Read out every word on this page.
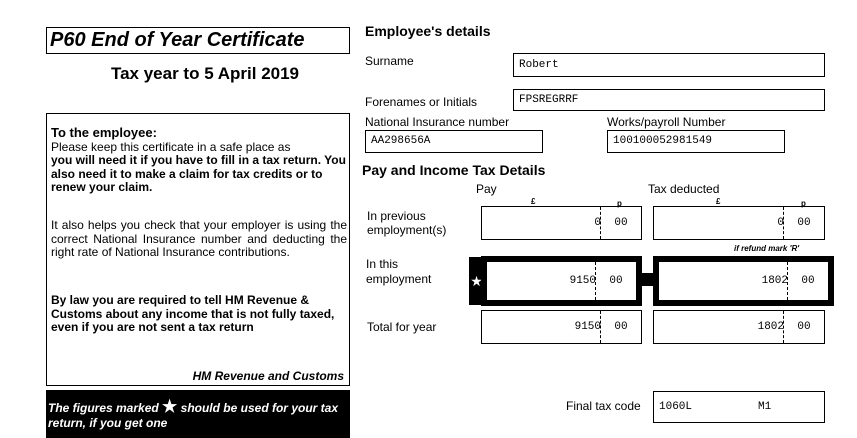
P60 End of Year Certificate
Tax year to 5 April 2019
To the employee:
Please keep this certificate in a safe place as
you will need it if you have to fill in a tax return. You also need it to make a claim for tax credits or to renew your claim.
It also helps you check that your employer is using the correct National Insurance number and deducting the right rate of National Insurance contributions.
By law you are required to tell HM Revenue & Customs about any income that is not fully taxed, even if you are not sent a tax return
HM Revenue and Customs
The figures marked ★ should be used for your tax return, if you get one
Employee's details
Surname	Robert
Forenames or Initials	FPSREGRRF
National Insurance number
AA298656A
Works/payroll Number
100100052981549
Pay and Income Tax Details
Pay	Tax deducted
£	p	£	p
In previous employment(s)	0	00	0	00
if refund mark 'R'
In this employment	★	9150	00	1802	00
Total for year	9150	00	1802	00
Final tax code	1060L	M1
